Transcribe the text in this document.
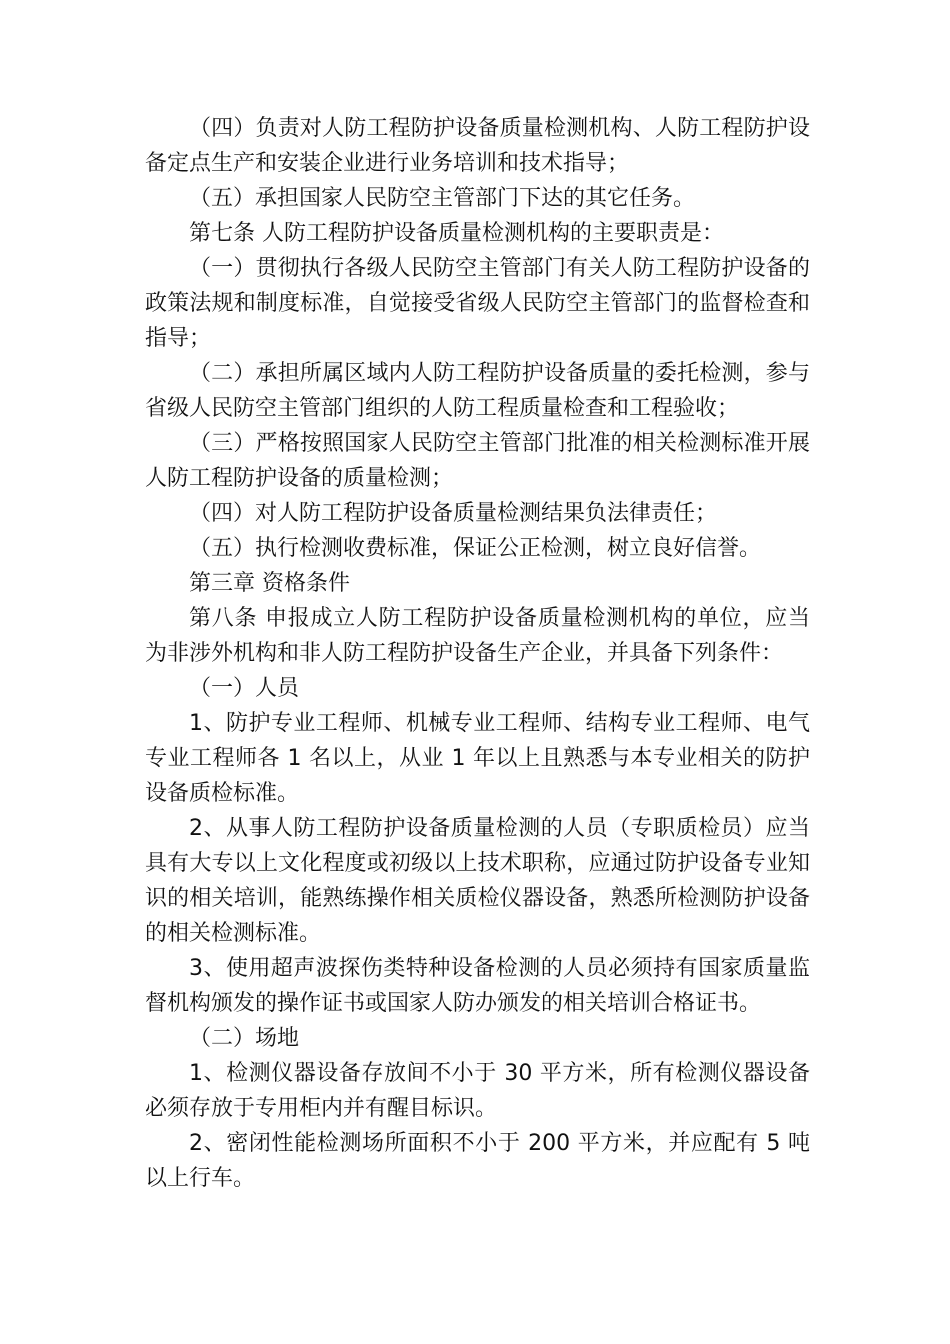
（四）负责对人防工程防护设备质量检测机构、人防工程防护设备定点生产和安装企业进行业务培训和技术指导；

（五）承担国家人民防空主管部门下达的其它任务。

第七条 人防工程防护设备质量检测机构的主要职责是：

（一）贯彻执行各级人民防空主管部门有关人防工程防护设备的政策法规和制度标准，自觉接受省级人民防空主管部门的监督检查和指导；

（二）承担所属区域内人防工程防护设备质量的委托检测，参与省级人民防空主管部门组织的人防工程质量检查和工程验收；

（三）严格按照国家人民防空主管部门批准的相关检测标准开展人防工程防护设备的质量检测；

（四）对人防工程防护设备质量检测结果负法律责任；

（五）执行检测收费标准，保证公正检测，树立良好信誉。

第三章 资格条件

第八条 申报成立人防工程防护设备质量检测机构的单位，应当为非涉外机构和非人防工程防护设备生产企业，并具备下列条件：

（一）人员

1、防护专业工程师、机械专业工程师、结构专业工程师、电气专业工程师各 1 名以上，从业 1 年以上且熟悉与本专业相关的防护设备质检标准。

2、从事人防工程防护设备质量检测的人员（专职质检员）应当具有大专以上文化程度或初级以上技术职称，应通过防护设备专业知识的相关培训，能熟练操作相关质检仪器设备，熟悉所检测防护设备的相关检测标准。

3、使用超声波探伤类特种设备检测的人员必须持有国家质量监督机构颁发的操作证书或国家人防办颁发的相关培训合格证书。

（二）场地

1、检测仪器设备存放间不小于 30 平方米，所有检测仪器设备必须存放于专用柜内并有醒目标识。

2、密闭性能检测场所面积不小于 200 平方米，并应配有 5 吨以上行车。
